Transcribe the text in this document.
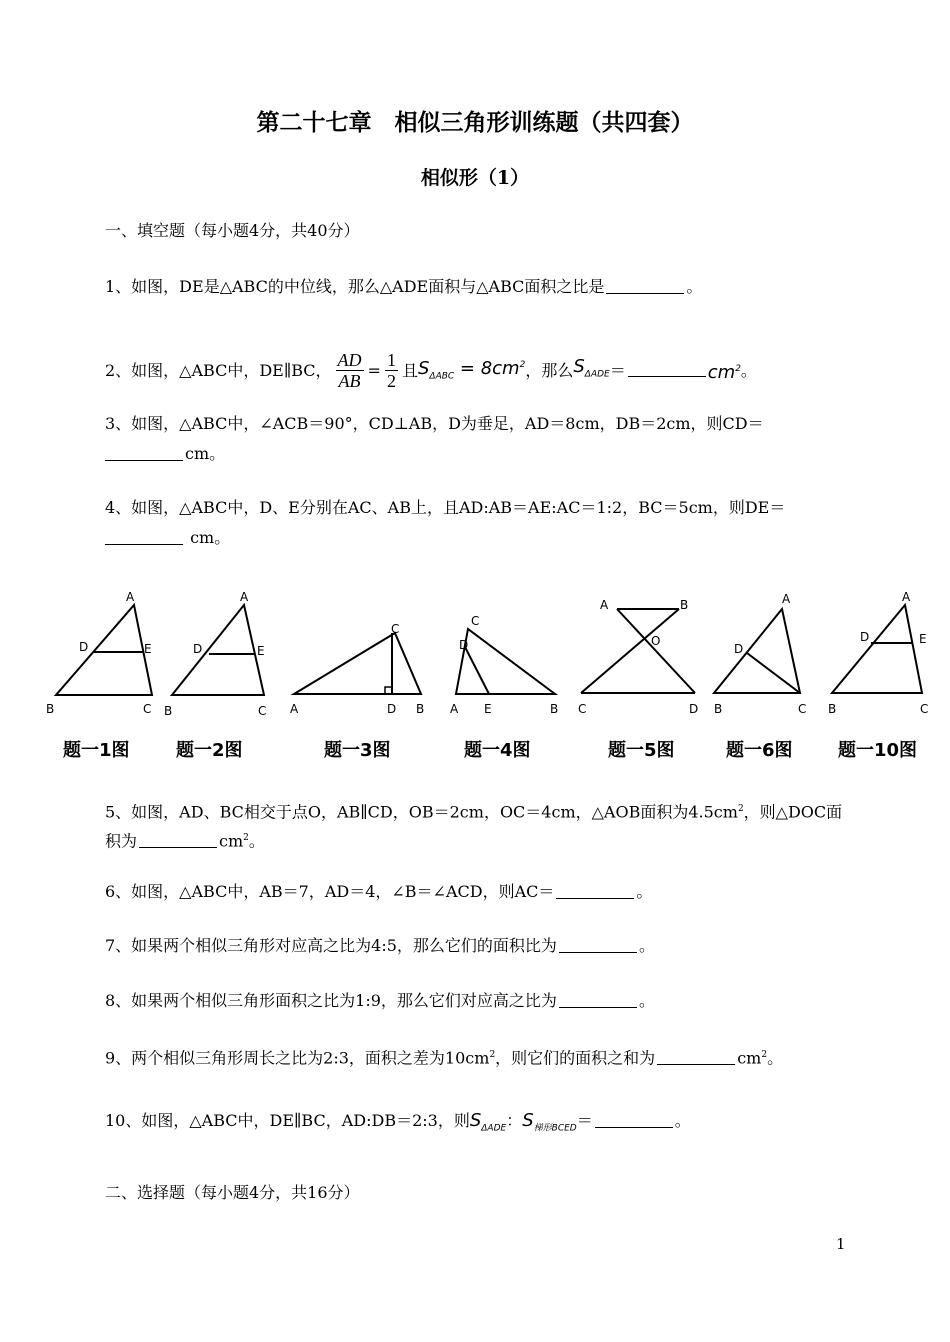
第二十七章　相似三角形训练题（共四套）
相似形（1）
一、填空题（每小题4分，共40分）
1、如图，DE是△ABC的中位线，那么△ADE面积与△ABC面积之比是	。
2、如图，△ABC中，DE∥BC， $\frac{AD}{AB} = \frac{1}{2}$ 且$S_{\Delta ABC} = 8cm^2$，那么$S_{\Delta ADE}=$	$cm^2$。
3、如图，△ABC中，∠ACB＝90°，CD⊥AB，D为垂足，AD＝8cm，DB＝2cm，则CD＝
cm。
4、如图，△ABC中，D、E分别在AC、AB上，且AD:AB＝AE:AC＝1:2，BC＝5cm，则DE＝
cm。
A
D	E
B	C
A
D	E
B	C
C
A	D B
C
D
A E	B
A	B
O
C	D
A
D
B	C
A
D	E
B	C
题一1图	题一2图	题一3图	题一4图	题一5图	题一6图	题一10图
5、如图，AD、BC相交于点O，AB∥CD，OB＝2cm，OC＝4cm，△AOB面积为$4.5cm^2$，则△DOC面
积为	$cm^2$。
6、如图，△ABC中，AB＝7，AD＝4，∠B＝∠ACD，则AC＝	。
7、如果两个相似三角形对应高之比为4:5，那么它们的面积比为	。
8、如果两个相似三角形面积之比为1:9，那么它们对应高之比为	。
9、两个相似三角形周长之比为2:3，面积之差为$10cm^2$，则它们的面积之和为	$cm^2$。
10、如图，△ABC中，DE∥BC，AD:DB＝2:3，则$S_{\Delta ADE}$：$S_{梯形BCED}=$	。
二、选择题（每小题4分，共16分）
1
